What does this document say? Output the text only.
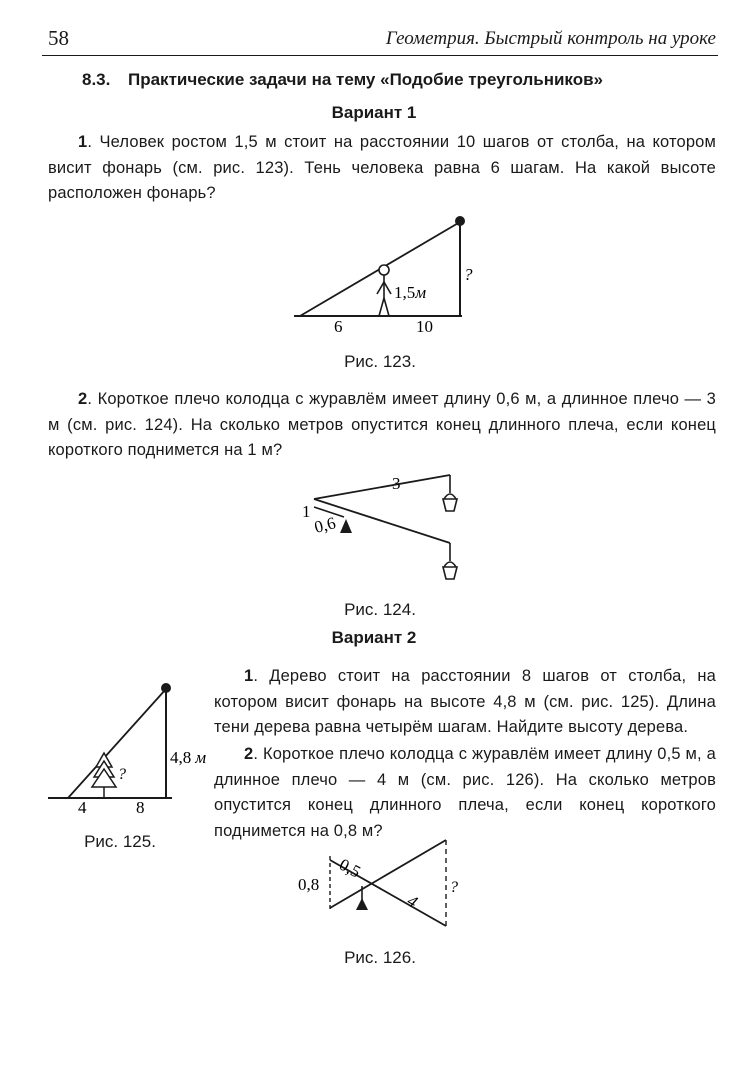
58	Геометрия. Быстрый контроль на уроке
8.3. Практические задачи на тему «Подобие треугольников»
Вариант 1
1. Человек ростом 1,5 м стоит на расстоянии 10 шагов от столба, на котором висит фонарь (см. рис. 123). Тень человека равна 6 шагам. На какой высоте расположен фонарь?
1,5м
?
6	10
Рис. 123.
2. Короткое плечо колодца с журавлём имеет длину 0,6 м, а длинное плечо — 3 м (см. рис. 124). На сколько метров опустится конец длинного плеча, если конец короткого поднимется на 1 м?
3
1
0,6
Рис. 124.
Вариант 2
?
4,8 м
4	8
Рис. 125.
1. Дерево стоит на расстоянии 8 шагов от столба, на котором висит фонарь на высоте 4,8 м (см. рис. 125). Длина тени дерева равна четырём шагам. Найдите высоту дерева.
2. Короткое плечо колодца с журавлём имеет длину 0,5 м, а длинное плечо — 4 м (см. рис. 126). На сколько метров опустится конец длинного плеча, если конец короткого поднимется на 0,8 м?
0,5
0,8
4
?
Рис. 126.
